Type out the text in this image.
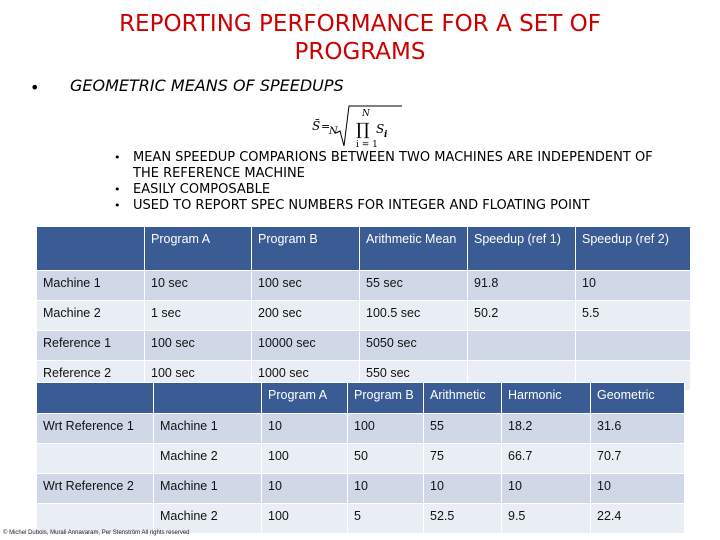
REPORTING PERFORMANCE FOR A SET OF PROGRAMS
• GEOMETRIC MEANS OF SPEEDUPS
S̄ =
N
N
∏
i = 1
S i
• MEAN SPEEDUP COMPARIONS BETWEEN TWO MACHINES ARE INDEPENDENT OF THE REFERENCE MACHINE
• EASILY COMPOSABLE
• USED TO REPORT SPEC NUMBERS FOR INTEGER AND FLOATING POINT
	Program A	Program B	Arithmetic Mean	Speedup (ref 1)	Speedup (ref 2)
Machine 1	10 sec	100 sec	55 sec	91.8	10
Machine 2	1 sec	200 sec	100.5 sec	50.2	5.5
Reference 1	100 sec	10000 sec	5050 sec		
Reference 2	100 sec	1000 sec	550 sec		
		Program A	Program B	Arithmetic	Harmonic	Geometric
Wrt Reference 1	Machine 1	10	100	55	18.2	31.6
	Machine 2	100	50	75	66.7	70.7
Wrt Reference 2	Machine 1	10	10	10	10	10
	Machine 2	100	5	52.5	9.5	22.4
© Michel Dubois, Murali Annavaram, Per Stenström All rights reserved
